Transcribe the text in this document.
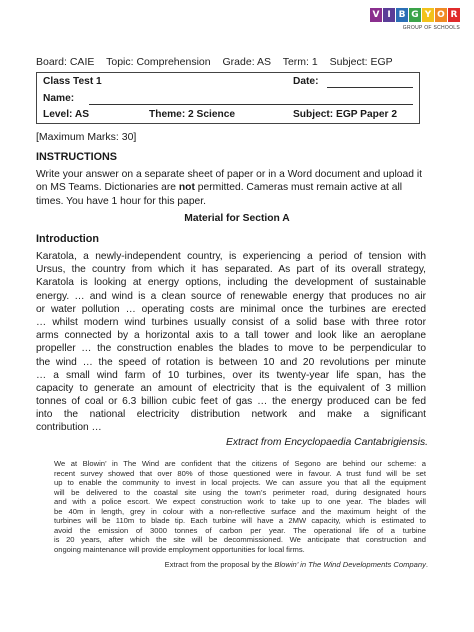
V I B G Y O R
GROUP OF SCHOOLS
Board: CAIE Topic: Comprehension Grade: AS Term: 1 Subject: EGP
Class Test 1	Date:
Name:
Level: AS	Theme: 2 Science	Subject: EGP Paper 2
[Maximum Marks: 30]
INSTRUCTIONS
Write your answer on a separate sheet of paper or in a Word document and upload it on MS Teams. Dictionaries are not permitted. Cameras must remain active at all times. You have 1 hour for this paper.
Material for Section A
Introduction
Karatola, a newly-independent country, is experiencing a period of tension with
Ursus, the country from which it has separated. As part of its overall strategy,
Karatola is looking at energy options, including the development of sustainable
energy. … and wind is a clean source of renewable energy that produces no air
or water pollution … operating costs are minimal once the turbines are erected
… whilst modern wind turbines usually consist of a solid base with three rotor
arms connected by a horizontal axis to a tall tower and look like an aeroplane
propeller … the construction enables the blades to move to be perpendicular to
the wind … the speed of rotation is between 10 and 20 revolutions per minute
… a small wind farm of 10 turbines, over its twenty-year life span, has the
capacity to generate an amount of electricity that is the equivalent of 3 million
tonnes of coal or 6.3 billion cubic feet of gas … the energy produced can be fed
into the national electricity distribution network and make a significant
contribution …
Extract from Encyclopaedia Cantabrigiensis.
We at Blowin’ in The Wind are confident that the citizens of Segono are behind our scheme: a
recent survey showed that over 80% of those questioned were in favour. A trust fund will be set
up to enable the community to invest in local projects. We can assure you that all the equipment
will be delivered to the coastal site using the town’s perimeter road, during designated hours
and with a police escort. We expect construction work to take up to one year. The blades will
be 40m in length, grey in colour with a non-reflective surface and the maximum height of the
turbines will be 110m to blade tip. Each turbine will have a 2MW capacity, which is estimated to
avoid the emission of 3000 tonnes of carbon per year. The operational life of a turbine
is 20 years, after which the site will be decommissioned. We anticipate that construction and
ongoing maintenance will provide employment opportunities for local firms.
Extract from the proposal by the Blowin’ in The Wind Developments Company.
